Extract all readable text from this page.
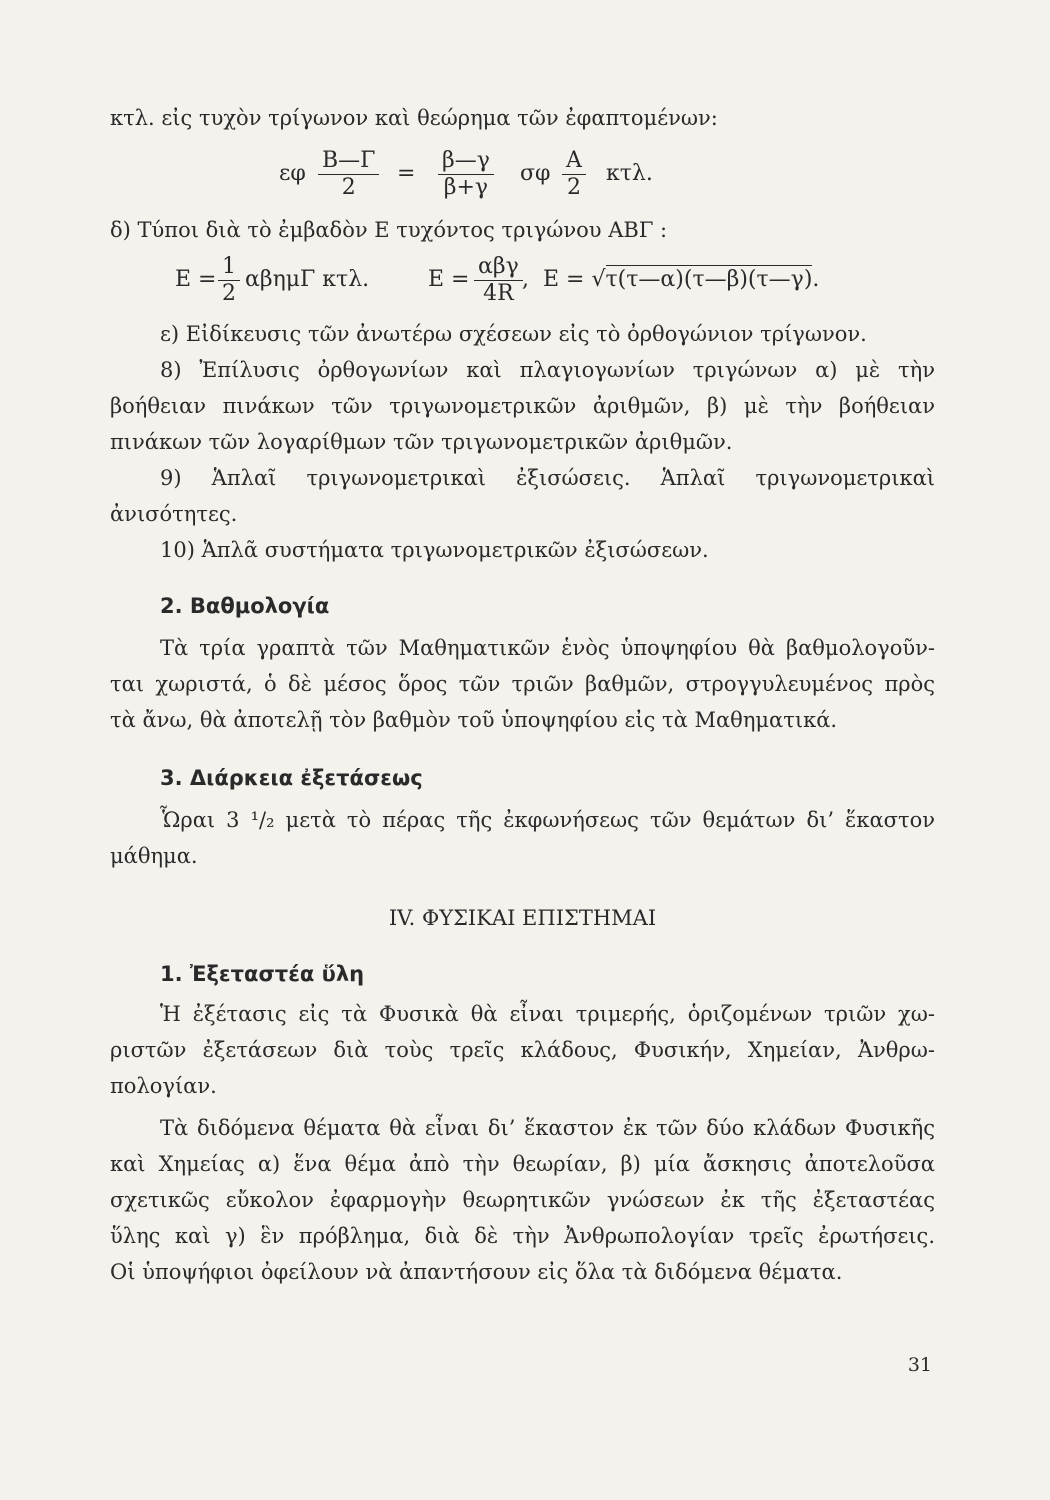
κτλ. εἰς τυχὸν τρίγωνον καὶ θεώρημα τῶν ἐφαπτομένων:
εφ $\frac{B—\Gamma}{2} = \frac{\beta—\gamma}{\beta+\gamma}$ σφ $\frac{A}{2} \kappa\tau\lambda$.
δ) Τύποι διὰ τὸ ἐμβαδὸν Ε τυχόντος τριγώνου ΑΒΓ :
$E = \frac{1}{2}$ αβημΓ κτλ.	Ε =
αβγ
4R
,  Ε = √τ(τ—α)(τ—β)(τ—γ).
ε) Εἰδίκευσις τῶν ἀνωτέρω σχέσεων εἰς τὸ ὀρθογώνιον τρίγωνον.
8) Ἐπίλυσις ὀρθογωνίων καὶ πλαγιογωνίων τριγώνων α) μὲ τὴν
βοήθειαν πινάκων τῶν τριγωνομετρικῶν ἀριθμῶν, β) μὲ τὴν βοήθειαν
πινάκων τῶν λογαρίθμων τῶν τριγωνομετρικῶν ἀριθμῶν.
9) Ἁπλαῖ τριγωνομετρικαὶ ἐξισώσεις. Ἁπλαῖ τριγωνομετρικαὶ
ἀνισότητες.
10) Ἁπλᾶ συστήματα τριγωνομετρικῶν ἐξισώσεων.
2. Βαθμολογία
Τὰ τρία γραπτὰ τῶν Μαθηματικῶν ἑνὸς ὑποψηφίου θὰ βαθμολογοῦν-
ται χωριστά, ὁ δὲ μέσος ὅρος τῶν τριῶν βαθμῶν, στρογγυλευμένος πρὸς
τὰ ἄνω, θὰ ἀποτελῇ τὸν βαθμὸν τοῦ ὑποψηφίου εἰς τὰ Μαθηματικά.
3. Διάρκεια ἐξετάσεως
Ὧραι 3 ¹/₂ μετὰ τὸ πέρας τῆς ἐκφωνήσεως τῶν θεμάτων δι’ ἕκαστον
μάθημα.
IV. ΦΥΣΙΚΑΙ ΕΠΙΣΤΗΜΑΙ
1. Ἐξεταστέα ὕλη
Ἡ ἐξέτασις εἰς τὰ Φυσικὰ θὰ εἶναι τριμερής, ὁριζομένων τριῶν χω-
ριστῶν ἐξετάσεων διὰ τοὺς τρεῖς κλάδους, Φυσικήν, Χημείαν, Ἀνθρω-
πολογίαν.
Τὰ διδόμενα θέματα θὰ εἶναι δι’ ἕκαστον ἐκ τῶν δύο κλάδων Φυσικῆς
καὶ Χημείας α) ἕνα θέμα ἀπὸ τὴν θεωρίαν, β) μία ἄσκησις ἀποτελοῦσα
σχετικῶς εὔκολον ἐφαρμογὴν θεωρητικῶν γνώσεων ἐκ τῆς ἐξεταστέας
ὕλης καὶ γ) ἓν πρόβλημα, διὰ δὲ τὴν Ἀνθρωπολογίαν τρεῖς ἐρωτήσεις.
Οἱ ὑποψήφιοι ὀφείλουν νὰ ἀπαντήσουν εἰς ὅλα τὰ διδόμενα θέματα.
31
